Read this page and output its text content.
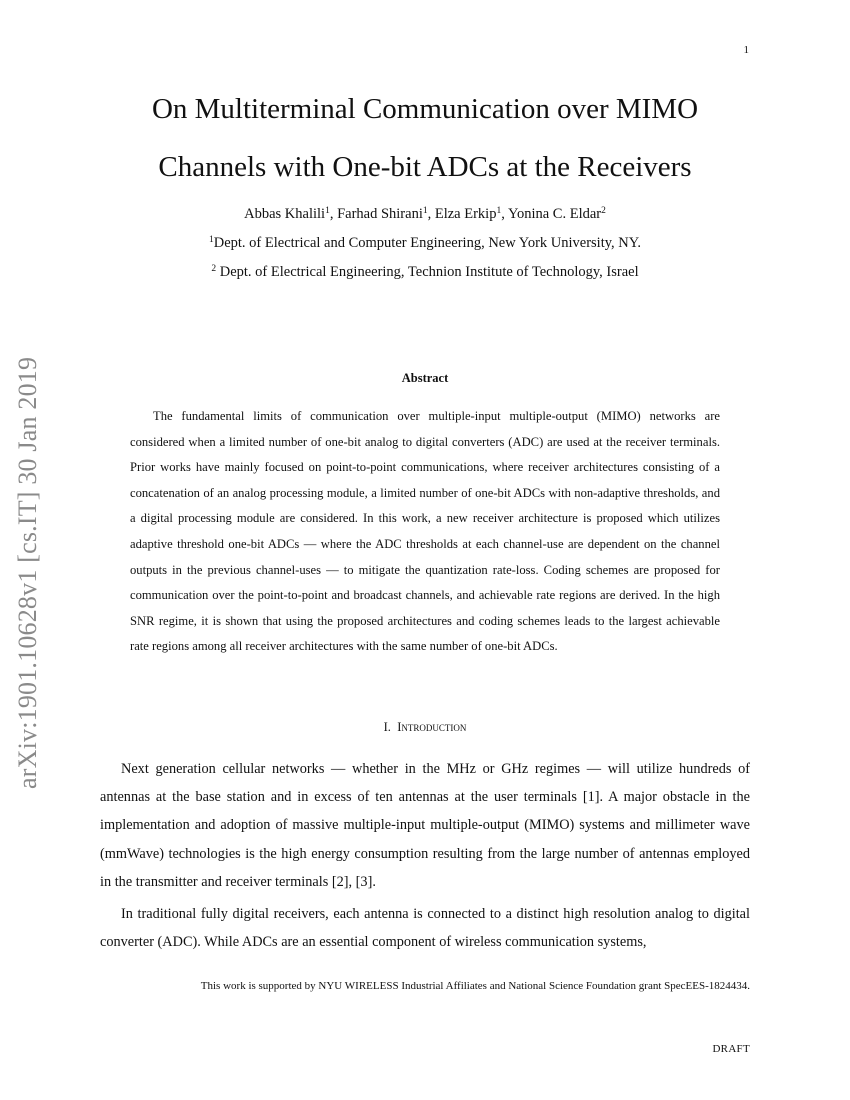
1
arXiv:1901.10628v1 [cs.IT] 30 Jan 2019
On Multiterminal Communication over MIMO
Channels with One-bit ADCs at the Receivers
Abbas Khalili$^1$, Farhad Shirani$^1$, Elza Erkip$^1$, Yonina C. Eldar$^2$
$^1$Dept. of Electrical and Computer Engineering, New York University, NY.
$^2$ Dept. of Electrical Engineering, Technion Institute of Technology, Israel
Abstract
The fundamental limits of communication over multiple-input multiple-output (MIMO) networks are considered when a limited number of one-bit analog to digital converters (ADC) are used at the receiver terminals. Prior works have mainly focused on point-to-point communications, where receiver architectures consisting of a concatenation of an analog processing module, a limited number of one-bit ADCs with non-adaptive thresholds, and a digital processing module are considered. In this work, a new receiver architecture is proposed which utilizes adaptive threshold one-bit ADCs — where the ADC thresholds at each channel-use are dependent on the channel outputs in the previous channel-uses — to mitigate the quantization rate-loss. Coding schemes are proposed for communication over the point-to-point and broadcast channels, and achievable rate regions are derived. In the high SNR regime, it is shown that using the proposed architectures and coding schemes leads to the largest achievable rate regions among all receiver architectures with the same number of one-bit ADCs.
I. Introduction
Next generation cellular networks — whether in the MHz or GHz regimes — will utilize hundreds of antennas at the base station and in excess of ten antennas at the user terminals [1]. A major obstacle in the implementation and adoption of massive multiple-input multiple-output (MIMO) systems and millimeter wave (mmWave) technologies is the high energy consumption resulting from the large number of antennas employed in the transmitter and receiver terminals [2], [3].
In traditional fully digital receivers, each antenna is connected to a distinct high resolution analog to digital converter (ADC). While ADCs are an essential component of wireless communication systems,
This work is supported by NYU WIRELESS Industrial Affiliates and National Science Foundation grant SpecEES-1824434.
DRAFT
